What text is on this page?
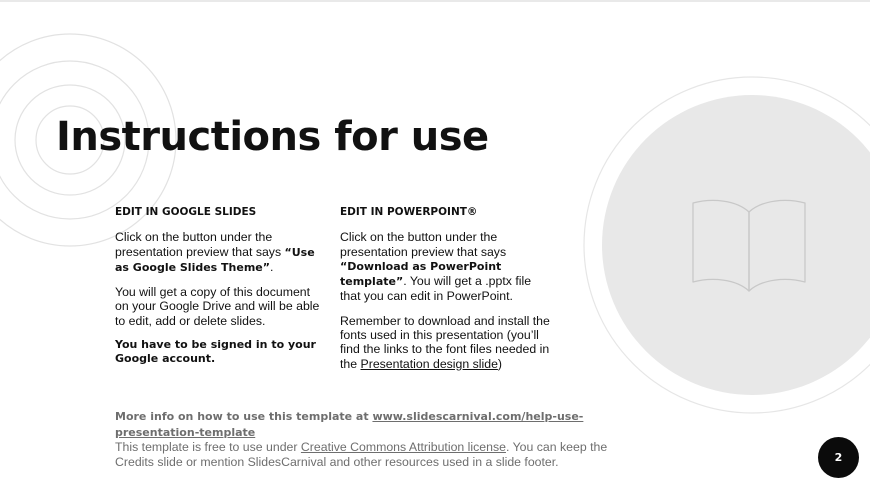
Instructions for use
EDIT IN GOOGLE SLIDES

Click on the button under the presentation preview that says “Use as Google Slides Theme”.

You will get a copy of this document on your Google Drive and will be able to edit, add or delete slides.

You have to be signed in to your Google account.

EDIT IN POWERPOINT®

Click on the button under the presentation preview that says “Download as PowerPoint template”. You will get a .pptx file that you can edit in PowerPoint.

Remember to download and install the fonts used in this presentation (you’ll find the links to the font files needed in the Presentation design slide)

More info on how to use this template at www.slidescarnival.com/help-use-presentation-template
This template is free to use under Creative Commons Attribution license. You can keep the Credits slide or mention SlidesCarnival and other resources used in a slide footer.	2
